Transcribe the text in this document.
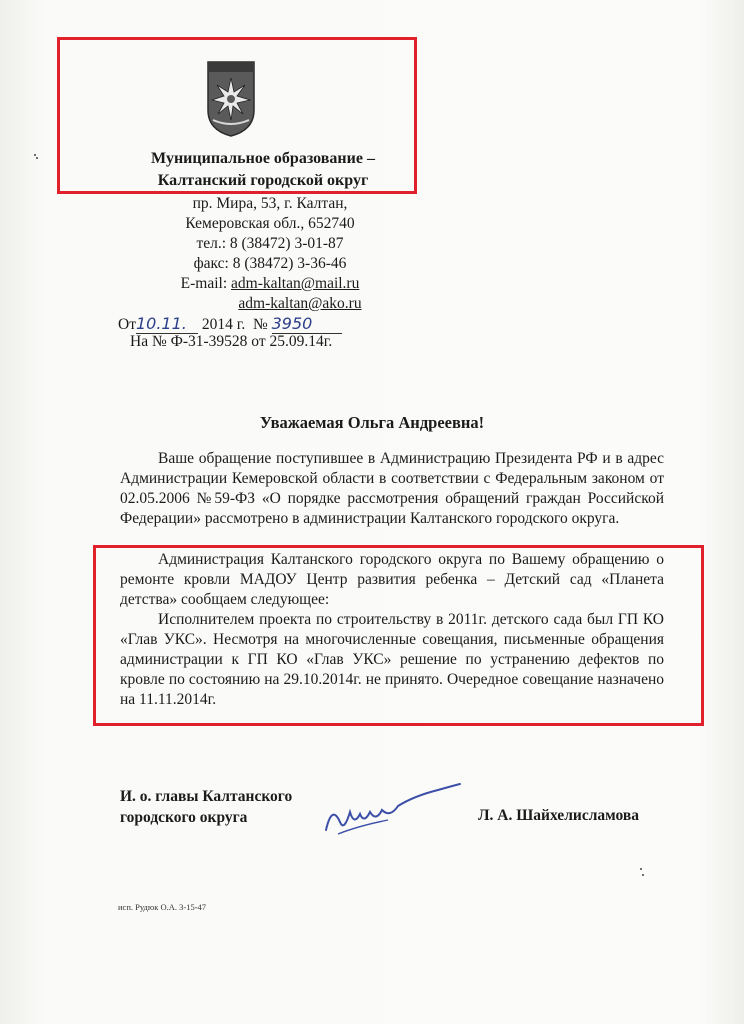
Муниципальное образование –
Калтанский городской округ
пр. Мира, 53, г. Калтан,
Кемеровская обл., 652740
тел.: 8 (38472) 3-01-87
факс: 8 (38472) 3-36-46
E-mail: adm-kaltan@mail.ru
adm-kaltan@ako.ru
От10.11. 2014 г. № 3950
На № Ф-31-39528 от 25.09.14г.
Уважаемая Ольга Андреевна!
Ваше обращение поступившее в Администрацию Президента РФ и в адрес Администрации Кемеровской области в соответствии с Федеральным законом от 02.05.2006 №59-ФЗ «О порядке рассмотрения обращений граждан Российской Федерации» рассмотрено в администрации Калтанского городского округа.
Администрация Калтанского городского округа по Вашему обращению о ремонте кровли МАДОУ Центр развития ребенка – Детский сад «Планета детства» сообщаем следующее:
Исполнителем проекта по строительству в 2011г. детского сада был ГП КО «Глав УКС». Несмотря на многочисленные совещания, письменные обращения администрации к ГП КО «Глав УКС» решение по устранению дефектов по кровле по состоянию на 29.10.2014г. не принято. Очередное совещание назначено на 11.11.2014г.
И. о. главы Калтанского
городского округа	Л. А. Шайхелисламова
исп. Рудюк О.А. 3-15-47
